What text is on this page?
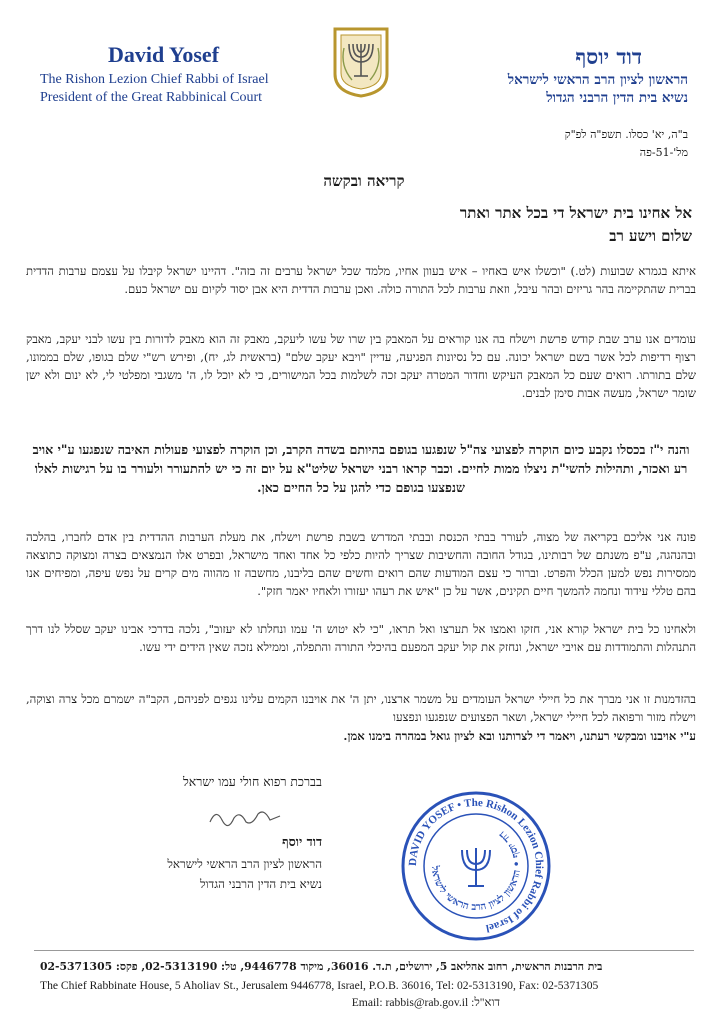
David Yosef
The Rishon Lezion Chief Rabbi of Israel
President of the Great Rabbinical Court
דוד יוסף
הראשון לציון הרב הראשי לישראל
נשיא בית הדין הרבני הגדול
ב"ה, יא' כסלו. תשפ"ה לפ"ק
מל'-51-פה
קריאה ובקשה
אל אחינו בית ישראל די בכל אתר ואתר
שלום וישע רב
איתא בגמרא שבועות (לט.) "וכשלו איש באחיו – איש בעוון אחיו, מלמד שכל ישראל ערבים זה בזה". דהיינו ישראל קיבלו על עצמם ערבות הדדית בברית שהתקיימה בהר גריזים ובהר עיבל, וזאת ערבות לכל התורה כולה. ואכן ערבות הדדית היא אבן יסוד לקיום עם ישראל כעם.
עומדים אנו ערב שבת קודש פרשת וישלח בה אנו קוראים על המאבק בין שרו של עשו ליעקב, מאבק זה הוא מאבק לדורות בין עשו לבני יעקב, מאבק רצוף רדיפות לכל אשר בשם ישראל יכונה. עם כל נסיונות הפגיעה, עדיין "ויבא יעקב שלם" (בראשית לג, יח), ופירש רש"י שלם בגופו, שלם בממונו, שלם בתורתו. רואים שעם כל המאבק העיקש וחדור המטרה יעקב זכה לשלמות בכל המישורים, כי לא יוכל לו, ה' משגבי ומפלטי לי, לא ינום ולא ישן שומר ישראל, מעשה אבות סימן לבנים.
והנה י"ז בכסלו נקבע כיום הוקרה לפצועי צה"ל שנפגעו בגופם בהיותם בשדה הקרב, וכן הוקרה לפצועי פעולות האיבה שנפגעו ע"י אויב רע ואכזר, ותהילות להשי"ת ניצלו ממות לחיים. וכבר קראו רבני ישראל שליט"א על יום זה כי יש להתעורר ולעורר בו על רגישות לאלו שנפצעו בגופם כדי להגן על כל החיים כאן.
פונה אני אליכם בקריאה של מצוה, לעורר בבתי הכנסת ובבתי המדרש בשבת פרשת וישלח, את מעלת הערבות ההדדית בין אדם לחברו, בהלכה ובהנהגה, ע"פ משנתם של רבותינו, בגודל החובה והחשיבות שצריך להיות כלפי כל אחד ואחד מישראל, ובפרט אלו הנמצאים בצרה ומצוקה כתוצאה ממסירות נפש למען הכלל והפרט. וברור כי עצם המודעות שהם רואים וחשים שהם בליבנו, מחשבה זו מהווה מים קרים על נפש עיפה, ומפיחים אנו בהם טללי עידוד ונחמה להמשך חיים תקינים, אשר על כן "איש את רעהו יעזורו ולאחיו יאמר חזק".
ולאחינו כל בית ישראל קורא אני, חזקו ואמצו אל תערצו ואל תראו, "כי לא יטוש ה' עמו ונחלתו לא יעזוב", נלכה בדרכי אבינו יעקב שסלל לנו דרך התנהלות והתמודדות עם אויבי ישראל, ונחזק את קול יעקב המפעם בהיכלי התורה והתפלה, וממילא נזכה שאין הידים ידי עשו.
בהזדמנות זו אני מברך את כל חיילי ישראל העומדים על משמר ארצנו, יתן ה' את אויבנו הקמים עלינו נגפים לפניהם, הקב"ה ישמרם מכל צרה וצוקה, וישלח מזור ורפואה לכל חיילי ישראל, ושאר הפצועים שנפגעו ונפצעו
ע"י אויבנו ומבקשי רעתנו, ויאמר די לצרותנו ובא לציון גואל במהרה בימנו אמן.
בברכת רפוא חולי עמו ישראל
דוד יוסף
הראשון לציון הרב הראשי לישראל
נשיא בית הדין הרבני הגדול
DAVID YOSEF • The Rishon Lezion Chief Rabbi of Israel
דוד יוסף • הראשון לציון הרב הראשי לישראל
בית הרבנות הראשית, רחוב אהליאב 5, ירושלים, ת.ד. 36016, מיקוד 9446778, טל: 02-5313190, פקס: 02-5371305
The Chief Rabbinate House, 5 Aholiav St., Jerusalem 9446778, Israel, P.O.B. 36016, Tel: 02-5313190, Fax: 02-5371305
Email: rabbis@rab.gov.il :דוא"ל
